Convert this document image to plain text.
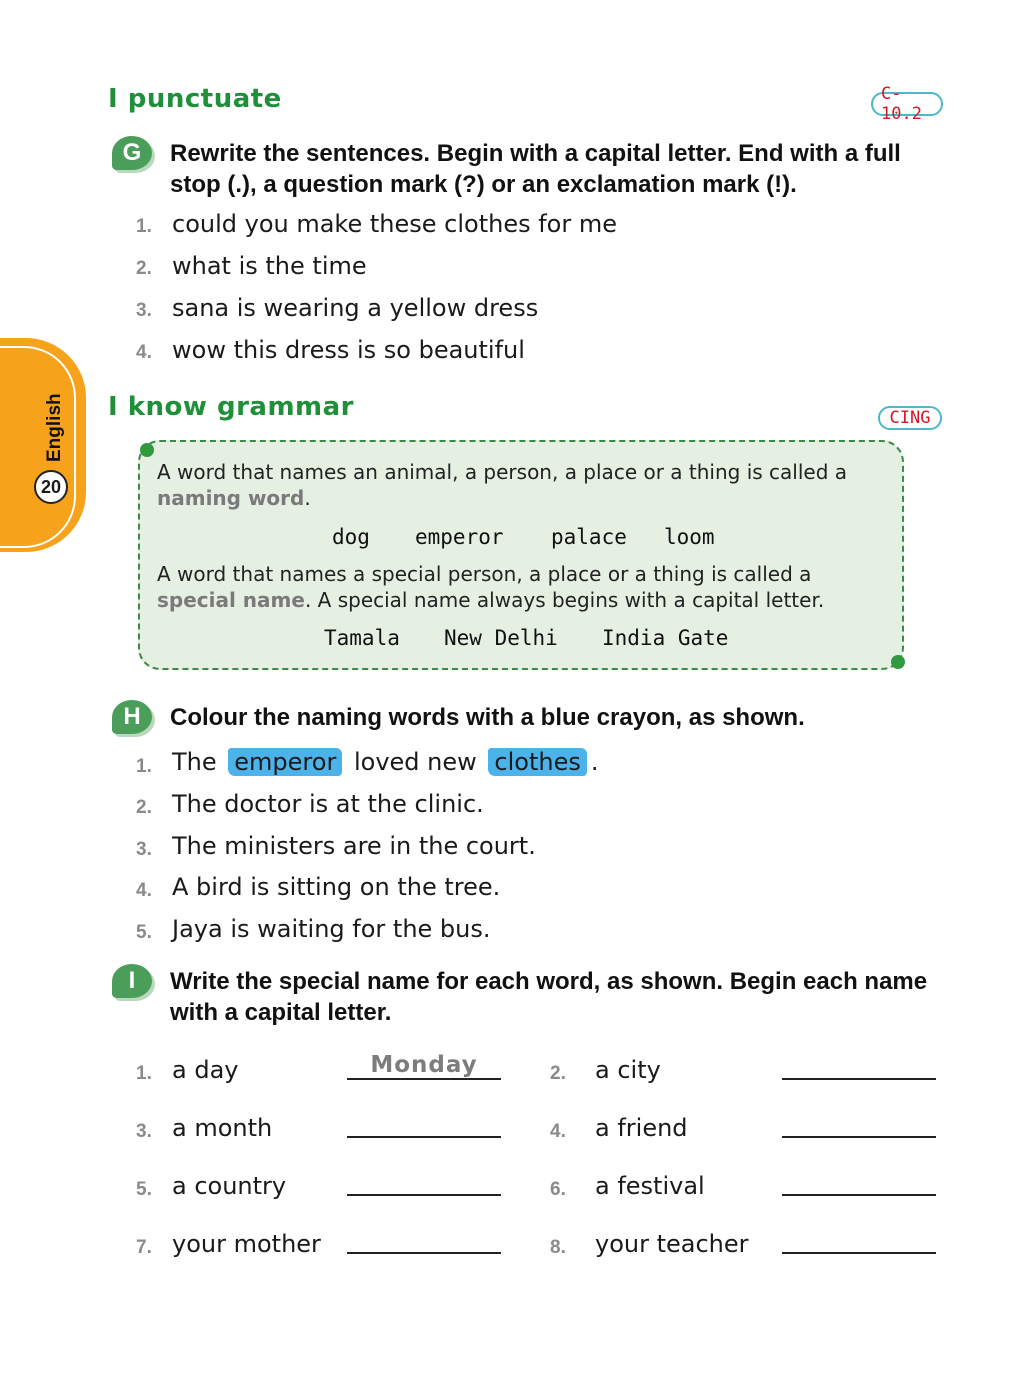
English
20
I punctuate	C-10.2
G	Rewrite the sentences. Begin with a capital letter. End with a full stop (.), a question mark (?) or an exclamation mark (!).
1. could you make these clothes for me
2. what is the time
3. sana is wearing a yellow dress
4. wow this dress is so beautiful
I know grammar	CING
A word that names an animal, a person, a place or a thing is called a naming word.
dog emperor palace loom
A word that names a special person, a place or a thing is called a special name. A special name always begins with a capital letter.
Tamala New Delhi India Gate
H	Colour the naming words with a blue crayon, as shown.
1. The emperor loved new clothes .
2. The doctor is at the clinic.
3. The ministers are in the court.
4. A bird is sitting on the tree.
5. Jaya is waiting for the bus.
I	Write the special name for each word, as shown. Begin each name with a capital letter.
1. a day	Monday	2.	a city
3. a month	4.	a friend
5. a country	6.	a festival
7. your mother	8.	your teacher
